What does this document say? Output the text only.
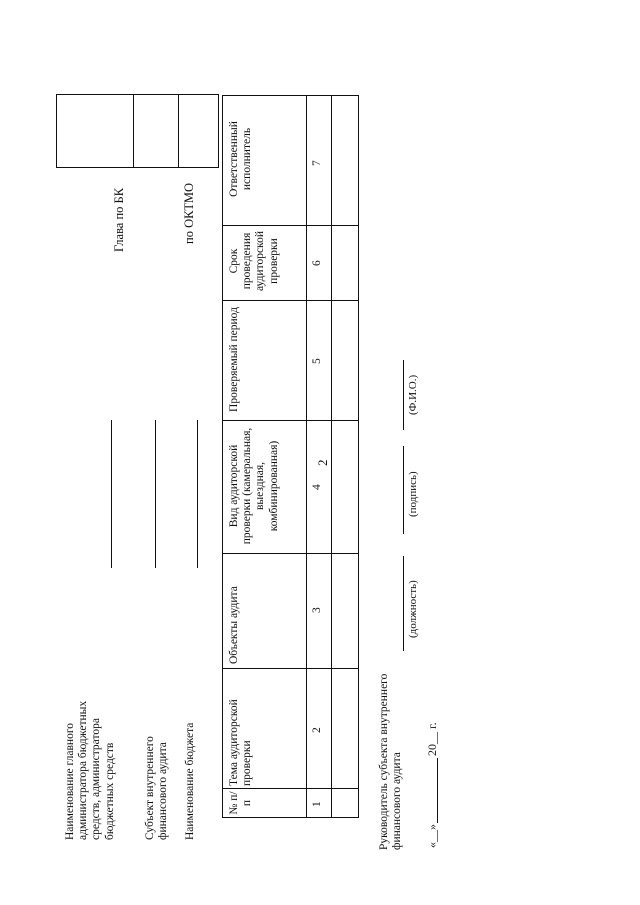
2
Наименование главного администратора бюджетных средств, администратора бюджетных средств Субъект внутреннего финансового аудита Наименование бюджета
Глава по БК	по ОКТМО
№ п/п
Тема аудиторской проверки
Объекты аудита
Вид аудиторской проверки (камеральная, выездная, комбинированная)
Проверяемый период
Срок проведения аудиторской проверки
Ответственный исполнитель
1
2
3
4
5
6
7
Руководитель субъекта внутреннего финансового аудита
(должность)
(подпись)
(Ф.И.О.)
«__»
20__ г.
